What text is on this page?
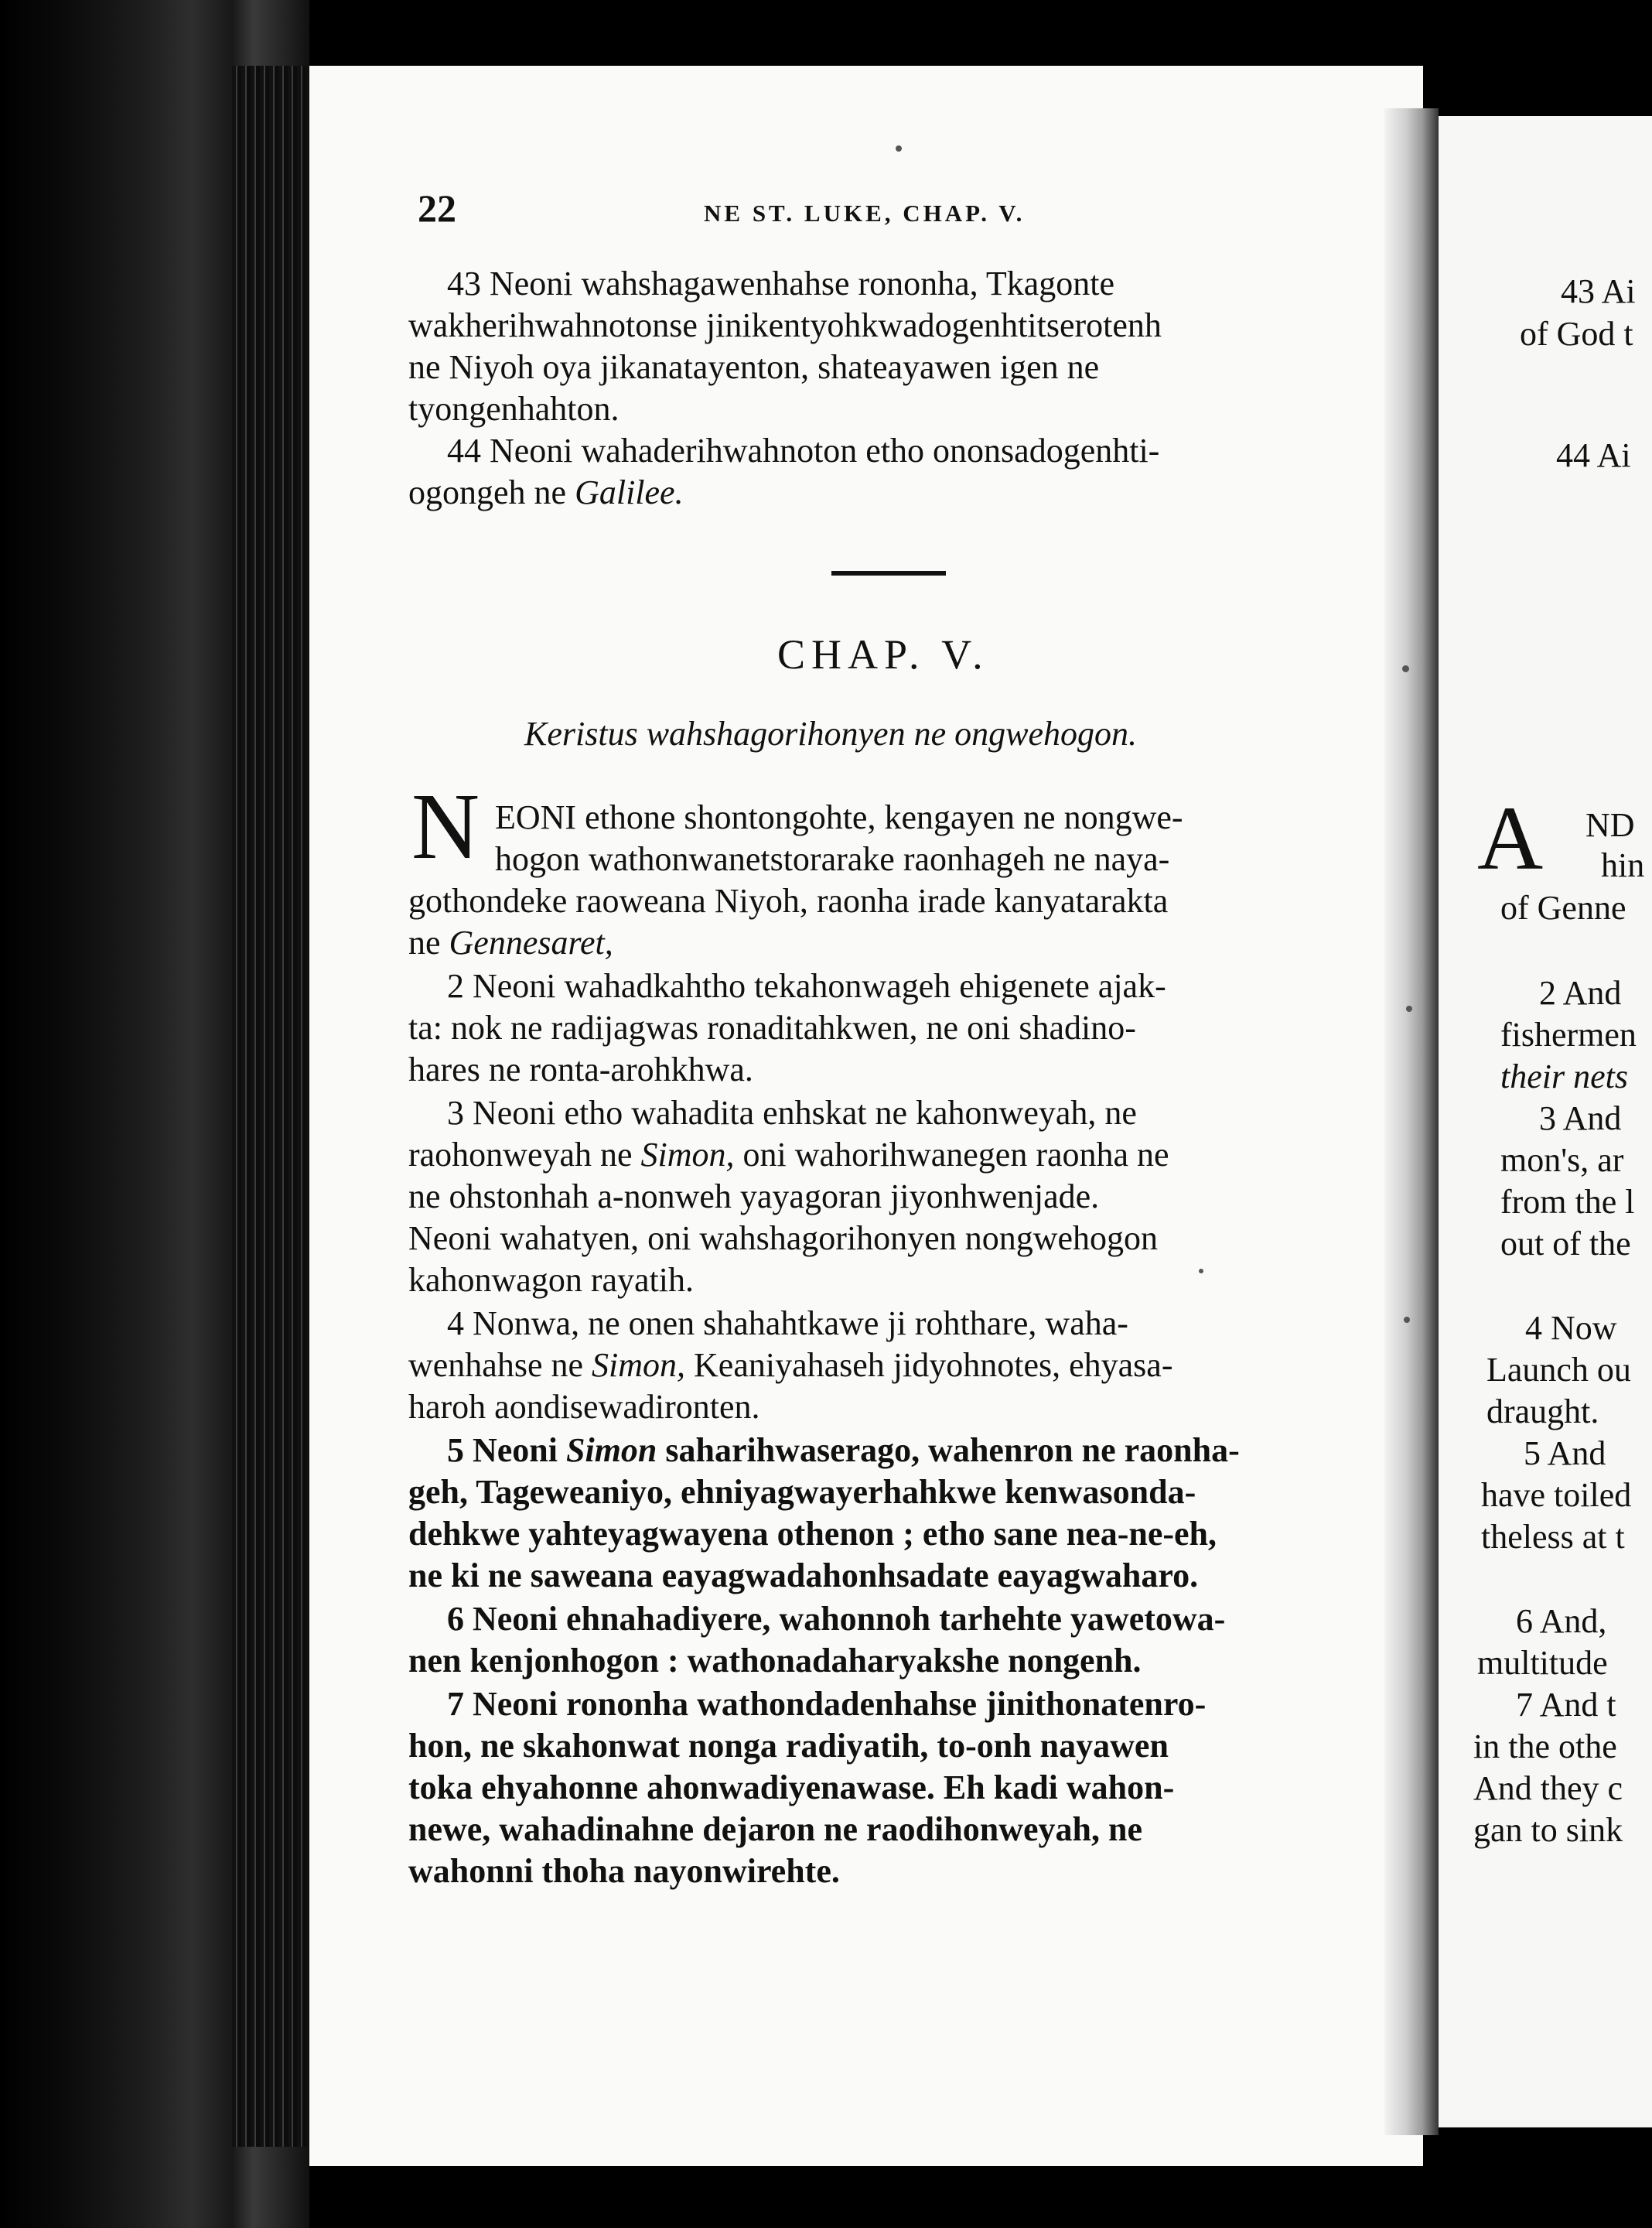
22	NE ST. LUKE, CHAP. V.
43 Neoni wahshagawenhahse rononha, Tkagonte
wakherihwahnotonse jinikentyohkwadogenhtitserotenh
ne Niyoh oya jikanatayenton, shateayawen igen ne
tyongenhahton.
44 Neoni wahaderihwahnoton etho ononsadogenhti-
ogongeh ne Galilee.
CHAP. V.
Keristus wahshagorihonyen ne ongwehogon.
N EONI ethone shontongohte, kengayen ne nongwe-
hogon wathonwanetstorarake raonhageh ne naya-
gothondeke raoweana Niyoh, raonha irade kanyatarakta
ne Gennesaret,
2 Neoni wahadkahtho tekahonwageh ehigenete ajak-
ta: nok ne radijagwas ronaditahkwen, ne oni shadino-
hares ne ronta-arohkhwa.
3 Neoni etho wahadita enhskat ne kahonweyah, ne
raohonweyah ne Simon, oni wahorihwanegen raonha ne
ne ohstonhah a-nonweh yayagoran jiyonhwenjade.
Neoni wahatyen, oni wahshagorihonyen nongwehogon
kahonwagon rayatih.
4 Nonwa, ne onen shahahtkawe ji rohthare, waha-
wenhahse ne Simon, Keaniyahaseh jidyohnotes, ehyasa-
haroh aondisewadironten.
5 Neoni Simon saharihwaserago, wahenron ne raonha-
geh, Tageweaniyo, ehniyagwayerhahkwe kenwasonda-
dehkwe yahteyagwayena othenon ; etho sane nea-ne-eh,
ne ki ne saweana eayagwadahonhsadate eayagwaharo.
6 Neoni ehnahadiyere, wahonnoh tarhehte yawetowa-
nen kenjonhogon : wathonadaharyakshe nongenh.
7 Neoni rononha wathondadenhahse jinithonatenro-
hon, ne skahonwat nonga radiyatih, to-onh nayawen
toka ehyahonne ahonwadiyenawase. Eh kadi wahon-
newe, wahadinahne dejaron ne raodihonweyah, ne
wahonni thoha nayonwirehte.
43 Ai
of God t
44 Ai
A ND
hin
of Genne
2 And
fishermen
their nets
3 And
mon's, ar
from the l
out of the
4 Now
Launch ou
draught.
5 And
have toiled
theless at t
6 And,
multitude
7 And t
in the othe
And they c
gan to sink
